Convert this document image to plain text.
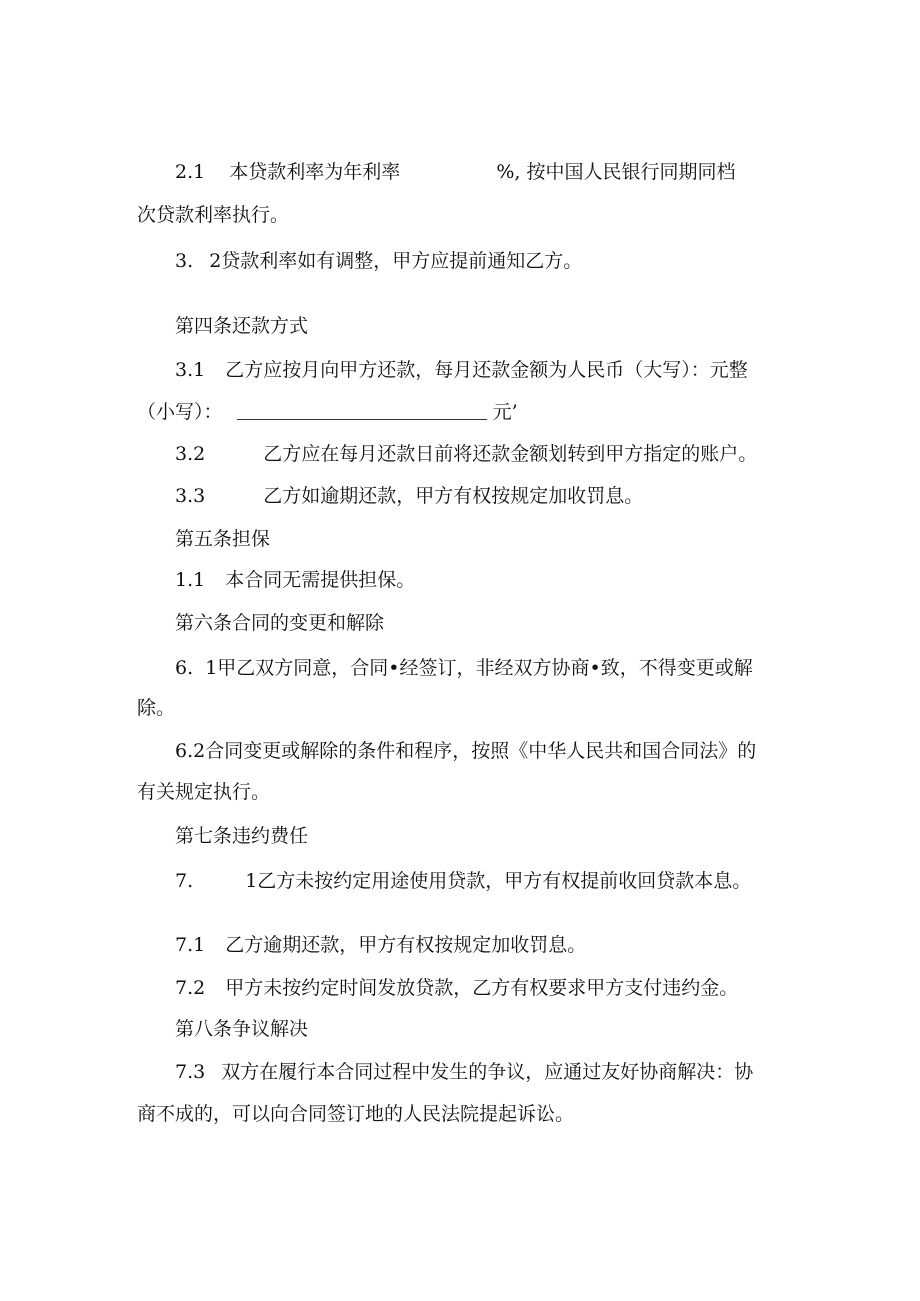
2.1 本贷款利率为年利率	%, 按中国人民银行同期同档
次贷款利率执行。
3. 2贷款利率如有调整，甲方应提前通知乙方。
第四条还款方式
3.1 乙方应按月向甲方还款，每月还款金额为人民币（大写）：元整
（小写）：	元’
3.2	乙方应在每月还款日前将还款金额划转到甲方指定的账户。
3.3	乙方如逾期还款，甲方有权按规定加收罚息。
第五条担保
1.1 本合同无需提供担保。
第六条合同的变更和解除
6. 1甲乙双方同意，合同•经签订，非经双方协商•致，不得变更或解
除。
6.2合同变更或解除的条件和程序，按照《中华人民共和国合同法》的
有关规定执行。
第七条违约费任
7.	1乙方未按约定用途使用贷款，甲方有权提前收回贷款本息。
7.1 乙方逾期还款，甲方有权按规定加收罚息。
7.2 甲方未按约定时间发放贷款，乙方有权要求甲方支付违约金。
第八条争议解决
7.3 双方在履行本合同过程中发生的争议，应通过友好协商解决：协
商不成的，可以向合同签订地的人民法院提起诉讼。
